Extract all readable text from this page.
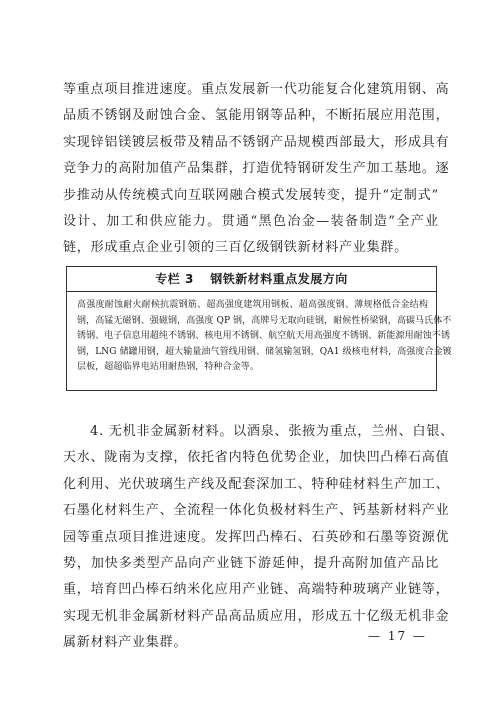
等重点项目推进速度。重点发展新一代功能复合化建筑用钢、高
品质不锈钢及耐蚀合金、氢能用钢等品种，不断拓展应用范围，
实现锌铝镁镀层板带及精品不锈钢产品规模西部最大，形成具有
竞争力的高附加值产品集群，打造优特钢研发生产加工基地。逐
步推动从传统模式向互联网融合模式发展转变，提升“定制式”
设计、加工和供应能力。贯通“黑色冶金—装备制造”全产业
链，形成重点企业引领的三百亿级钢铁新材料产业集群。
专栏 3 钢铁新材料重点发展方向
高强度耐蚀耐火耐候抗震钢筋、超高强度建筑用钢板、超高强度钢、薄规格低合金结构
钢，高锰无磁钢、强磁钢，高强度 QP 钢，高牌号无取向硅钢，耐候性桥梁钢，高碳马氏体不
锈钢、电子信息用超纯不锈钢、核电用不锈钢、航空航天用高强度不锈钢、新能源用耐蚀不锈
钢，LNG 储罐用钢，超大输量油气管线用钢、储氢输氢钢，QA1 级核电材料，高强度合金镀
层板，超超临界电站用耐热钢，特种合金等。
4. 无机非金属新材料。以酒泉、张掖为重点，兰州、白银、
天水、陇南为支撑，依托省内特色优势企业，加快凹凸棒石高值
化利用、光伏玻璃生产线及配套深加工、特种硅材料生产加工、
石墨化材料生产、全流程一体化负极材料生产、钙基新材料产业
园等重点项目推进速度。发挥凹凸棒石、石英砂和石墨等资源优
势，加快多类型产品向产业链下游延伸，提升高附加值产品比
重，培育凹凸棒石纳米化应用产业链、高端特种玻璃产业链等，
实现无机非金属新材料产品高品质应用，形成五十亿级无机非金
属新材料产业集群。	— 17 —
